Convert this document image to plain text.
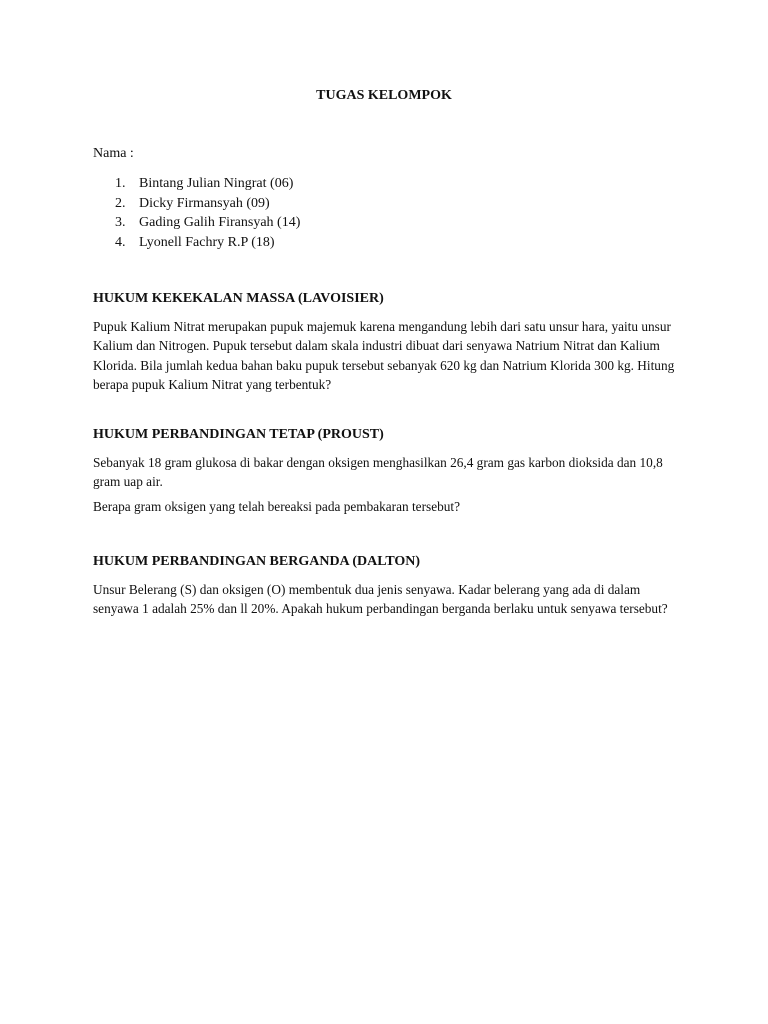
TUGAS KELOMPOK

Nama :

1. Bintang Julian Ningrat (06)
2. Dicky Firmansyah (09)
3. Gading Galih Firansyah (14)
4. Lyonell Fachry R.P (18)
HUKUM KEKEKALAN MASSA (LAVOISIER)

Pupuk Kalium Nitrat merupakan pupuk majemuk karena mengandung lebih dari satu unsur hara, yaitu unsur Kalium dan Nitrogen. Pupuk tersebut dalam skala industri dibuat dari senyawa Natrium Nitrat dan Kalium Klorida. Bila jumlah kedua bahan baku pupuk tersebut sebanyak 620 kg dan Natrium Klorida 300 kg. Hitung berapa pupuk Kalium Nitrat yang terbentuk?

HUKUM PERBANDINGAN TETAP (PROUST)

Sebanyak 18 gram glukosa di bakar dengan oksigen menghasilkan 26,4 gram gas karbon dioksida dan 10,8 gram uap air.

Berapa gram oksigen yang telah bereaksi pada pembakaran tersebut?

HUKUM PERBANDINGAN BERGANDA (DALTON)

Unsur Belerang (S) dan oksigen (O) membentuk dua jenis senyawa. Kadar belerang yang ada di dalam senyawa 1 adalah 25% dan ll 20%. Apakah hukum perbandingan berganda berlaku untuk senyawa tersebut?
